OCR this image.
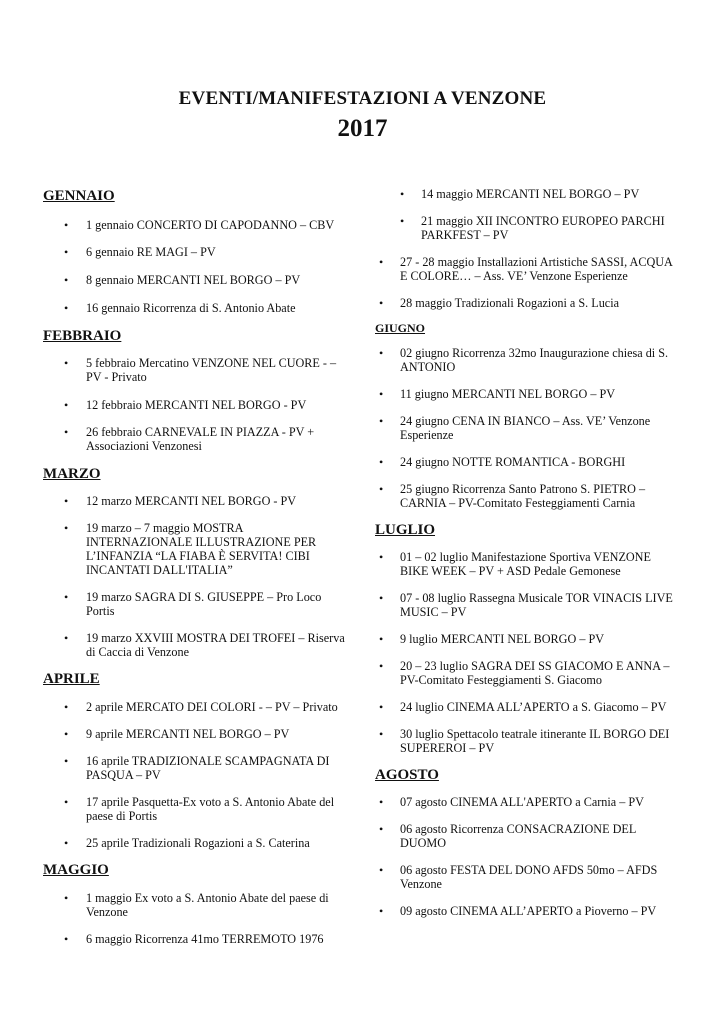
EVENTI/MANIFESTAZIONI A VENZONE
2017
GENNAIO
• 1 gennaio CONCERTO DI CAPODANNO – CBV
• 6 gennaio RE MAGI – PV
• 8 gennaio MERCANTI NEL BORGO – PV
• 16 gennaio Ricorrenza di S. Antonio Abate
FEBBRAIO
• 5 febbraio Mercatino VENZONE NEL CUORE - – PV - Privato
• 12 febbraio MERCANTI NEL BORGO - PV
• 26 febbraio CARNEVALE IN PIAZZA - PV + Associazioni Venzonesi
MARZO
• 12 marzo MERCANTI NEL BORGO - PV
• 19 marzo – 7 maggio MOSTRA INTERNAZIONALE ILLUSTRAZIONE PER L’INFANZIA “LA FIABA È SERVITA! CIBI INCANTATI DALL'ITALIA”
• 19 marzo SAGRA DI S. GIUSEPPE – Pro Loco Portis
• 19 marzo XXVIII MOSTRA DEI TROFEI – Riserva di Caccia di Venzone
APRILE
• 2 aprile MERCATO DEI COLORI - – PV – Privato
• 9 aprile MERCANTI NEL BORGO – PV
• 16 aprile TRADIZIONALE SCAMPAGNATA DI PASQUA – PV
• 17 aprile Pasquetta-Ex voto a S. Antonio Abate del paese di Portis
• 25 aprile Tradizionali Rogazioni a S. Caterina
MAGGIO
• 1 maggio Ex voto a S. Antonio Abate del paese di Venzone
• 6 maggio Ricorrenza 41mo TERREMOTO 1976
• 14 maggio MERCANTI NEL BORGO – PV
• 21 maggio XII INCONTRO EUROPEO PARCHI PARKFEST – PV
• 27 - 28 maggio Installazioni Artistiche SASSI, ACQUA E COLORE… – Ass. VE’ Venzone Esperienze
• 28 maggio Tradizionali Rogazioni a S. Lucia
GIUGNO
• 02 giugno Ricorrenza 32mo Inaugurazione chiesa di S. ANTONIO
• 11 giugno MERCANTI NEL BORGO – PV
• 24 giugno CENA IN BIANCO – Ass. VE’ Venzone Esperienze
• 24 giugno NOTTE ROMANTICA - BORGHI
• 25 giugno Ricorrenza Santo Patrono S. PIETRO – CARNIA – PV-Comitato Festeggiamenti Carnia
LUGLIO
• 01 – 02 luglio Manifestazione Sportiva VENZONE BIKE WEEK – PV + ASD Pedale Gemonese
• 07 - 08 luglio Rassegna Musicale TOR VINACIS LIVE MUSIC – PV
• 9 luglio MERCANTI NEL BORGO – PV
• 20 – 23 luglio SAGRA DEI SS GIACOMO E ANNA – PV-Comitato Festeggiamenti S. Giacomo
• 24 luglio CINEMA ALL’APERTO a S. Giacomo – PV
• 30 luglio Spettacolo teatrale itinerante IL BORGO DEI SUPEREROI – PV
AGOSTO
• 07 agosto CINEMA ALL'APERTO a Carnia – PV
• 06 agosto Ricorrenza CONSACRAZIONE DEL DUOMO
• 06 agosto FESTA DEL DONO AFDS 50mo – AFDS Venzone
• 09 agosto CINEMA ALL’APERTO a Pioverno – PV
